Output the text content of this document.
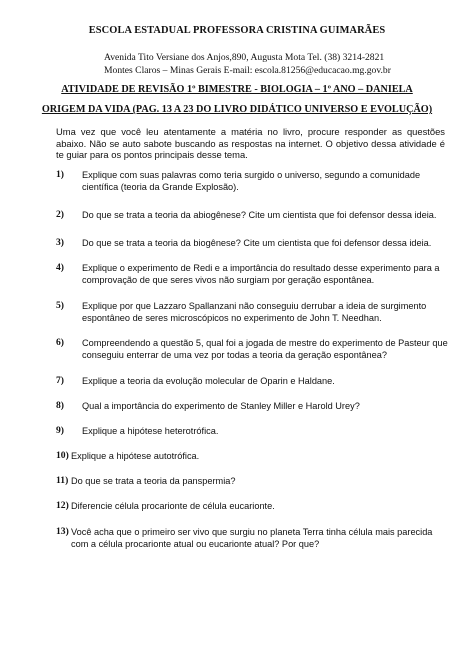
ESCOLA ESTADUAL PROFESSORA CRISTINA GUIMARÃES
Avenida Tito Versiane dos Anjos,890, Augusta Mota Tel. (38) 3214-2821
Montes Claros – Minas Gerais E-mail: escola.81256@educacao.mg.gov.br
ATIVIDADE DE REVISÃO 1º BIMESTRE - BIOLOGIA – 1º ANO – DANIELA
ORIGEM DA VIDA (PAG. 13 A 23 DO LIVRO DIDÁTICO UNIVERSO E EVOLUÇÃO)
Uma vez que você leu atentamente a matéria no livro, procure responder as questões abaixo. Não se auto sabote buscando as respostas na internet. O objetivo dessa atividade é te guiar para os pontos principais desse tema.
1) Explique com suas palavras como teria surgido o universo, segundo a comunidade científica (teoria da Grande Explosão).
2) Do que se trata a teoria da abiogênese? Cite um cientista que foi defensor dessa ideia.
3) Do que se trata a teoria da biogênese? Cite um cientista que foi defensor dessa ideia.
4) Explique o experimento de Redi e a importância do resultado desse experimento para a comprovação de que seres vivos não surgiam por geração espontânea.
5) Explique por que Lazzaro Spallanzani não conseguiu derrubar a ideia de surgimento espontâneo de seres microscópicos no experimento de John T. Needhan.
6) Compreendendo a questão 5, qual foi a jogada de mestre do experimento de Pasteur que conseguiu enterrar de uma vez por todas a teoria da geração espontânea?
7) Explique a teoria da evolução molecular de Oparin e Haldane.
8) Qual a importância do experimento de Stanley Miller e Harold Urey?
9) Explique a hipótese heterotrófica.
10) Explique a hipótese autotrófica.
11) Do que se trata a teoria da panspermia?
12) Diferencie célula procarionte de célula eucarionte.
13) Você acha que o primeiro ser vivo que surgiu no planeta Terra tinha célula mais parecida com a célula procarionte atual ou eucarionte atual? Por que?
